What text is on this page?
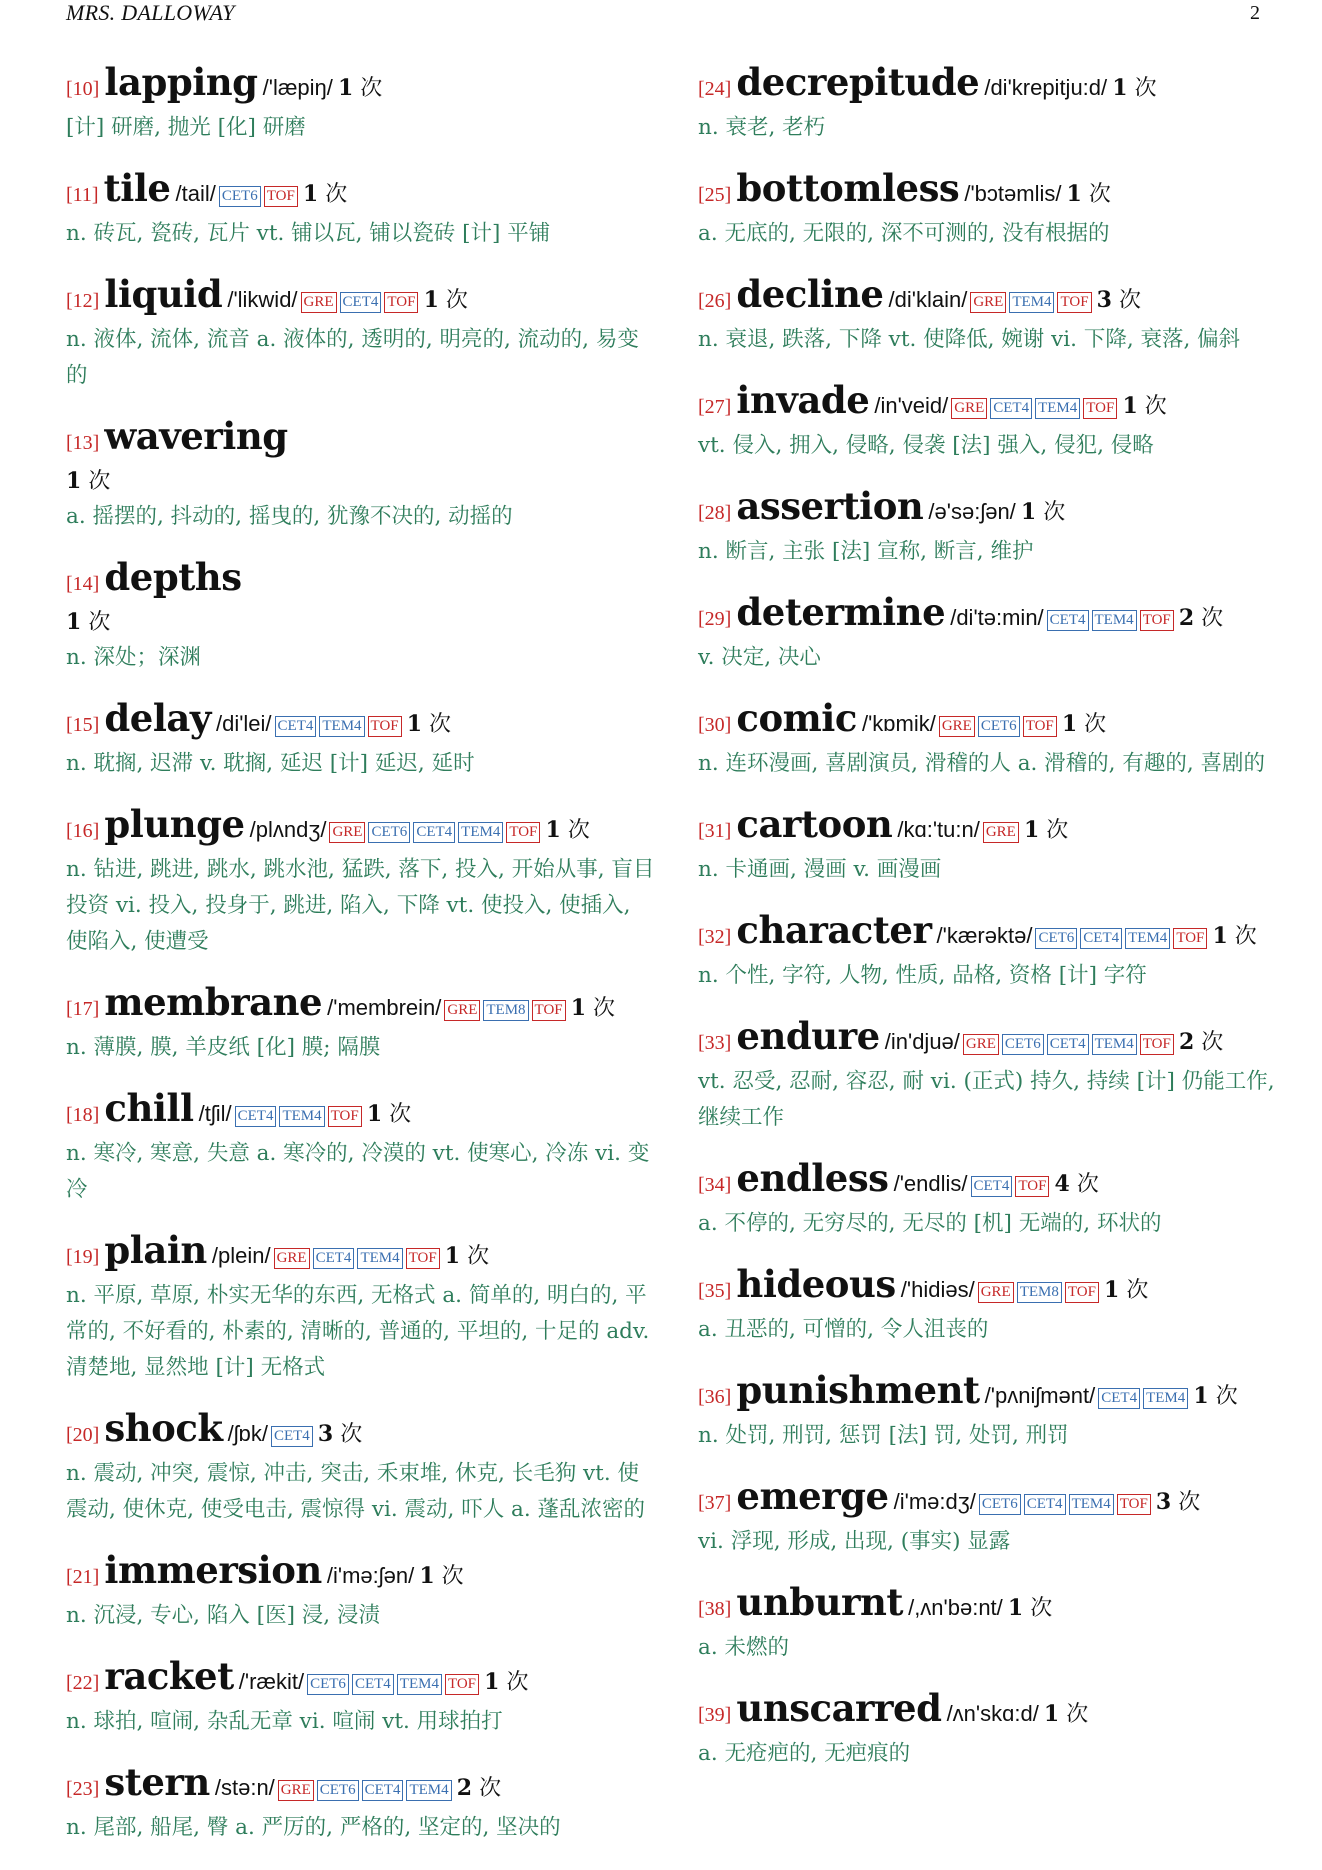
MRS. DALLOWAY	2
[10] lapping /'læpiŋ/ 1 次
[计] 研磨, 抛光 [化] 研磨
[11] tile /tail/ CET6 TOF 1 次
n. 砖瓦, 瓷砖, 瓦片 vt. 铺以瓦, 铺以瓷砖 [计] 平铺
[12] liquid /'likwid/ GRE CET4 TOF 1 次
n. 液体, 流体, 流音 a. 液体的, 透明的, 明亮的, 流动的, 易变的
[13] wavering
1 次
a. 摇摆的, 抖动的, 摇曳的, 犹豫不决的, 动摇的
[14] depths
1 次
n. 深处；深渊
[15] delay /di'lei/ CET4 TEM4 TOF 1 次
n. 耽搁, 迟滞 v. 耽搁, 延迟 [计] 延迟, 延时
[16] plunge /plʌndʒ/ GRE CET6 CET4 TEM4 TOF 1 次
n. 钻进, 跳进, 跳水, 跳水池, 猛跌, 落下, 投入, 开始从事, 盲目投资 vi. 投入, 投身于, 跳进, 陷入, 下降 vt. 使投入, 使插入, 使陷入, 使遭受
[17] membrane /'membrein/ GRE TEM8 TOF 1 次
n. 薄膜, 膜, 羊皮纸 [化] 膜; 隔膜
[18] chill /tʃil/ CET4 TEM4 TOF 1 次
n. 寒冷, 寒意, 失意 a. 寒冷的, 冷漠的 vt. 使寒心, 冷冻 vi. 变冷
[19] plain /plein/ GRE CET4 TEM4 TOF 1 次
n. 平原, 草原, 朴实无华的东西, 无格式 a. 简单的, 明白的, 平常的, 不好看的, 朴素的, 清晰的, 普通的, 平坦的, 十足的 adv. 清楚地, 显然地 [计] 无格式
[20] shock /ʃɒk/ CET4 3 次
n. 震动, 冲突, 震惊, 冲击, 突击, 禾束堆, 休克, 长毛狗 vt. 使震动, 使休克, 使受电击, 震惊得 vi. 震动, 吓人 a. 蓬乱浓密的
[21] immersion /i'mə:ʃən/ 1 次
n. 沉浸, 专心, 陷入 [医] 浸, 浸渍
[22] racket /'rækit/ CET6 CET4 TEM4 TOF 1 次
n. 球拍, 喧闹, 杂乱无章 vi. 喧闹 vt. 用球拍打
[23] stern /stə:n/ GRE CET6 CET4 TEM4 2 次
n. 尾部, 船尾, 臀 a. 严厉的, 严格的, 坚定的, 坚决的
[24] decrepitude /di'krepitju:d/ 1 次
n. 衰老, 老朽
[25] bottomless /'bɔtəmlis/ 1 次
a. 无底的, 无限的, 深不可测的, 没有根据的
[26] decline /di'klain/ GRE TEM4 TOF 3 次
n. 衰退, 跌落, 下降 vt. 使降低, 婉谢 vi. 下降, 衰落, 偏斜
[27] invade /in'veid/ GRE CET4 TEM4 TOF 1 次
vt. 侵入, 拥入, 侵略, 侵袭 [法] 强入, 侵犯, 侵略
[28] assertion /ə'sə:ʃən/ 1 次
n. 断言, 主张 [法] 宣称, 断言, 维护
[29] determine /di'tə:min/ CET4 TEM4 TOF 2 次
v. 决定, 决心
[30] comic /'kɒmik/ GRE CET6 TOF 1 次
n. 连环漫画, 喜剧演员, 滑稽的人 a. 滑稽的, 有趣的, 喜剧的
[31] cartoon /kɑ:'tu:n/ GRE 1 次
n. 卡通画, 漫画 v. 画漫画
[32] character /'kærəktə/ CET6 CET4 TEM4 TOF 1 次
n. 个性, 字符, 人物, 性质, 品格, 资格 [计] 字符
[33] endure /in'djuə/ GRE CET6 CET4 TEM4 TOF 2 次
vt. 忍受, 忍耐, 容忍, 耐 vi. (正式) 持久, 持续 [计] 仍能工作, 继续工作
[34] endless /'endlis/ CET4 TOF 4 次
a. 不停的, 无穷尽的, 无尽的 [机] 无端的, 环状的
[35] hideous /'hidiəs/ GRE TEM8 TOF 1 次
a. 丑恶的, 可憎的, 令人沮丧的
[36] punishment /'pʌniʃmənt/ CET4 TEM4 1 次
n. 处罚, 刑罚, 惩罚 [法] 罚, 处罚, 刑罚
[37] emerge /i'mə:dʒ/ CET6 CET4 TEM4 TOF 3 次
vi. 浮现, 形成, 出现, (事实) 显露
[38] unburnt /,ʌn'bə:nt/ 1 次
a. 未燃的
[39] unscarred /ʌn'skɑ:d/ 1 次
a. 无疮疤的, 无疤痕的
